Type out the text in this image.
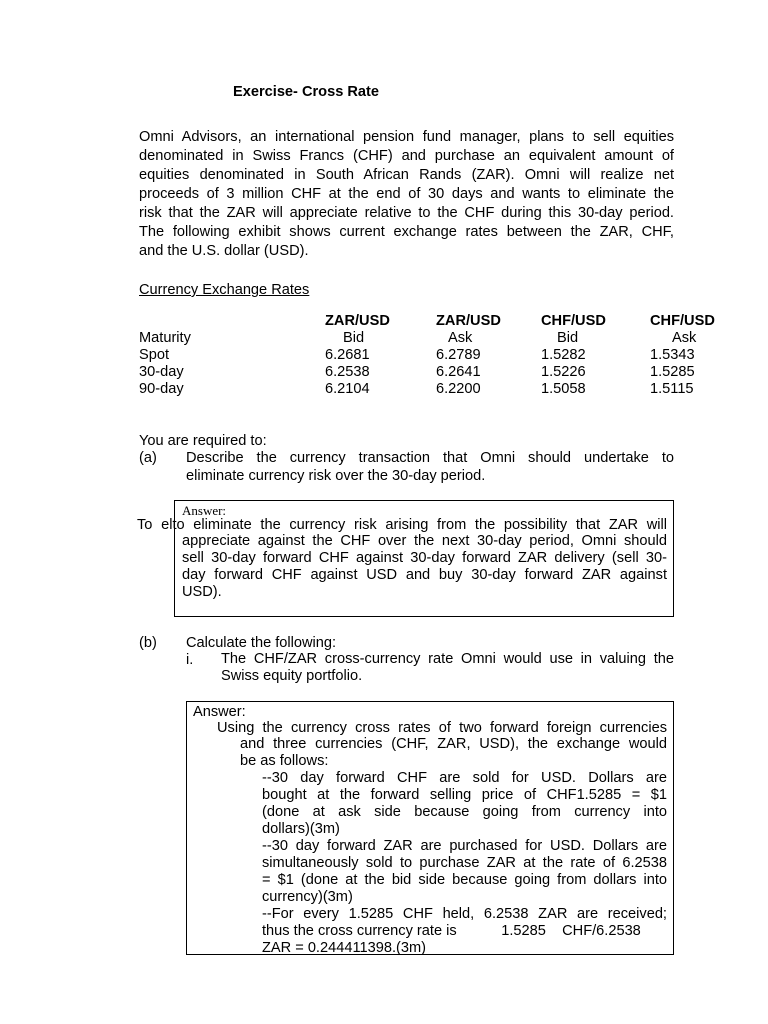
Exercise- Cross Rate
Omni Advisors, an international pension fund manager, plans to sell equities
denominated in Swiss Francs (CHF) and purchase an equivalent amount of
equities denominated in South African Rands (ZAR). Omni will realize net
proceeds of 3 million CHF at the end of 30 days and wants to eliminate the
risk that the ZAR will appreciate relative to the CHF during this 30-day period.
The following exhibit shows current exchange rates between the ZAR, CHF,
and the U.S. dollar (USD).
Currency Exchange Rates
	ZAR/USD	ZAR/USD	CHF/USD	CHF/USD
Maturity	Bid	Ask	Bid	Ask
Spot	6.2681	6.2789	1.5282	1.5343
30-day	6.2538	6.2641	1.5226	1.5285
90-day	6.2104	6.2200	1.5058	1.5115
You are required to:
(a) Describe the currency transaction that Omni should undertake to
eliminate currency risk over the 30-day period.
Answer:
To elto eliminate the currency risk arising from the possibility that ZAR will
appreciate against the CHF over the next 30-day period, Omni should
sell 30-day forward CHF against 30-day forward ZAR delivery (sell 30-
day forward CHF against USD and buy 30-day forward ZAR against
USD).
(b) Calculate the following:
i. The CHF/ZAR cross-currency rate Omni would use in valuing the
Swiss equity portfolio.
Answer:
Using the currency cross rates of two forward foreign currencies
and three currencies (CHF, ZAR, USD), the exchange would
be as follows:
--30 day forward CHF are sold for USD. Dollars are
bought at the forward selling price of CHF1.5285 = $1
(done at ask side because going from currency into
dollars)(3m)
--30 day forward ZAR are purchased for USD. Dollars are
simultaneously sold to purchase ZAR at the rate of 6.2538
= $1 (done at the bid side because going from dollars into
currency)(3m)
--For every 1.5285 CHF held, 6.2538 ZAR are received;
thus the cross currency rate is           1.5285    CHF/6.2538
ZAR = 0.244411398.(3m)
